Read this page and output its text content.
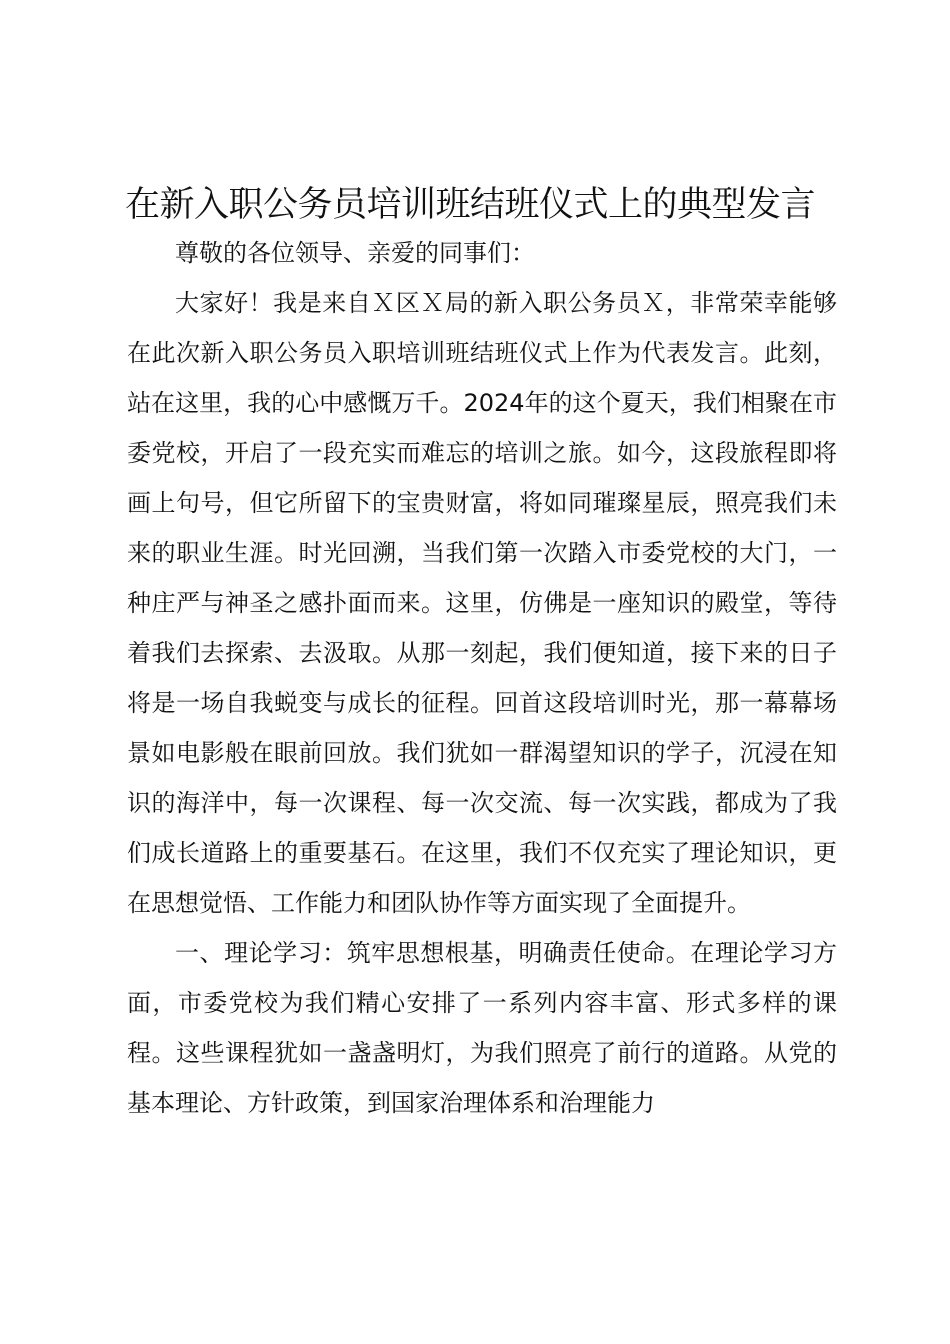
在新入职公务员培训班结班仪式上的典型发言

尊敬的各位领导、亲爱的同事们：

大家好！我是来自Ｘ区Ｘ局的新入职公务员Ｘ，非常荣幸能够在此次新入职公务员入职培训班结班仪式上作为代表发言。此刻，站在这里，我的心中感慨万千。2024年的这个夏天，我们相聚在市委党校，开启了一段充实而难忘的培训之旅。如今，这段旅程即将画上句号，但它所留下的宝贵财富，将如同璀璨星辰，照亮我们未来的职业生涯。时光回溯，当我们第一次踏入市委党校的大门，一种庄严与神圣之感扑面而来。这里，仿佛是一座知识的殿堂，等待着我们去探索、去汲取。从那一刻起，我们便知道，接下来的日子将是一场自我蜕变与成长的征程。回首这段培训时光，那一幕幕场景如电影般在眼前回放。我们犹如一群渴望知识的学子，沉浸在知识的海洋中，每一次课程、每一次交流、每一次实践，都成为了我们成长道路上的重要基石。在这里，我们不仅充实了理论知识，更在思想觉悟、工作能力和团队协作等方面实现了全面提升。

一、理论学习：筑牢思想根基，明确责任使命。在理论学习方面，市委党校为我们精心安排了一系列内容丰富、形式多样的课程。这些课程犹如一盏盏明灯，为我们照亮了前行的道路。从党的基本理论、方针政策，到国家治理体系和治理能力
